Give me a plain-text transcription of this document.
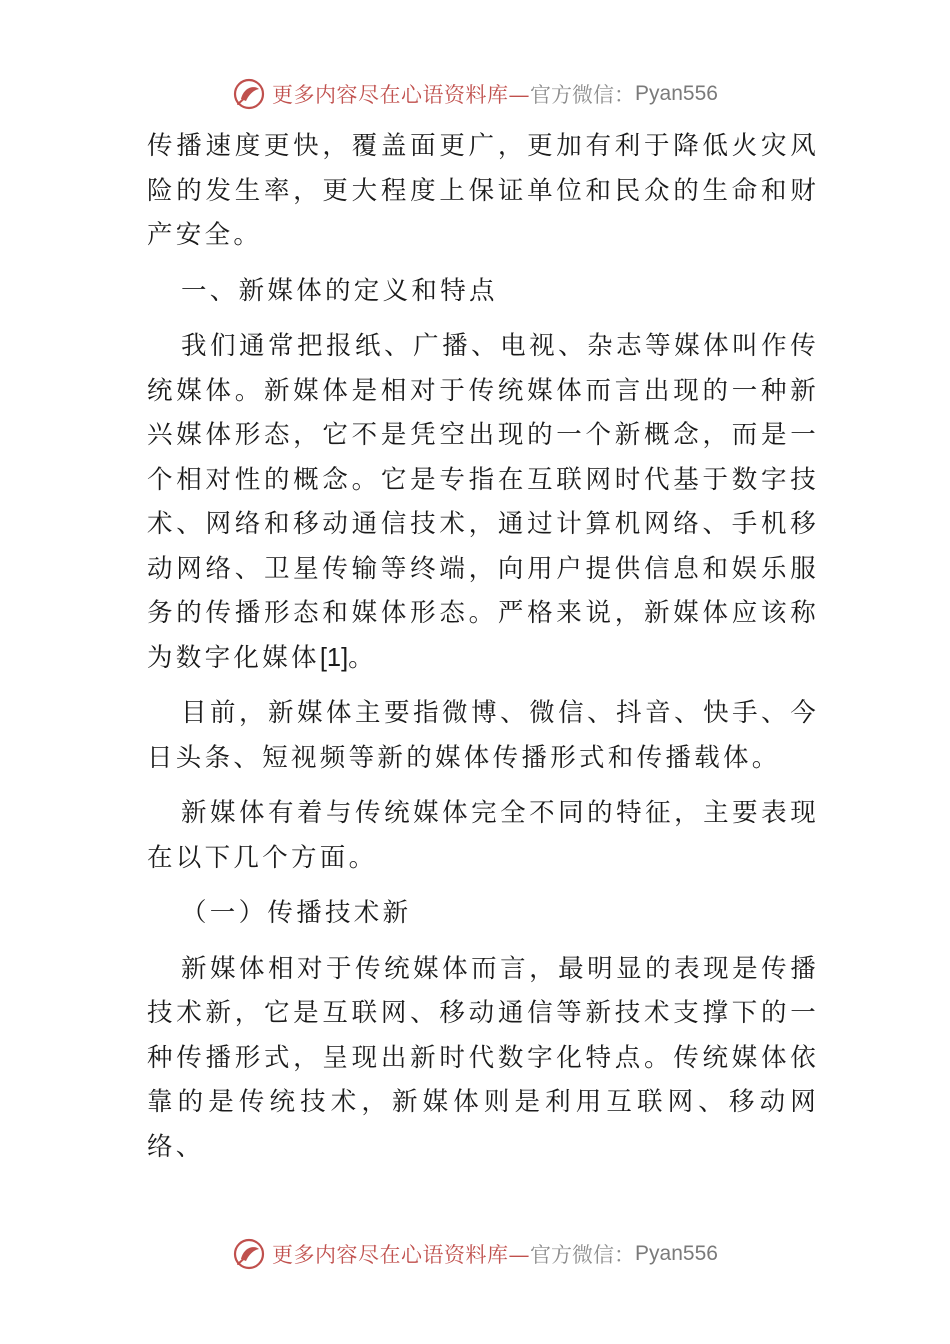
更多内容尽在心语资料库— 官方微信： Pyan556

传播速度更快，覆盖面更广，更加有利于降低火灾风险的发生率，更大程度上保证单位和民众的生命和财产安全。

一、新媒体的定义和特点

我们通常把报纸、广播、电视、杂志等媒体叫作传统媒体。新媒体是相对于传统媒体而言出现的一种新兴媒体形态，它不是凭空出现的一个新概念，而是一个相对性的概念。它是专指在互联网时代基于数字技术、网络和移动通信技术，通过计算机网络、手机移动网络、卫星传输等终端，向用户提供信息和娱乐服务的传播形态和媒体形态。严格来说，新媒体应该称为数字化媒体[1]。

目前，新媒体主要指微博、微信、抖音、快手、今日头条、短视频等新的媒体传播形式和传播载体。

新媒体有着与传统媒体完全不同的特征，主要表现在以下几个方面。

（一）传播技术新

新媒体相对于传统媒体而言，最明显的表现是传播技术新，它是互联网、移动通信等新技术支撑下的一种传播形式，呈现出新时代数字化特点。传统媒体依靠的是传统技术，新媒体则是利用互联网、移动网络、

更多内容尽在心语资料库— 官方微信： Pyan556
